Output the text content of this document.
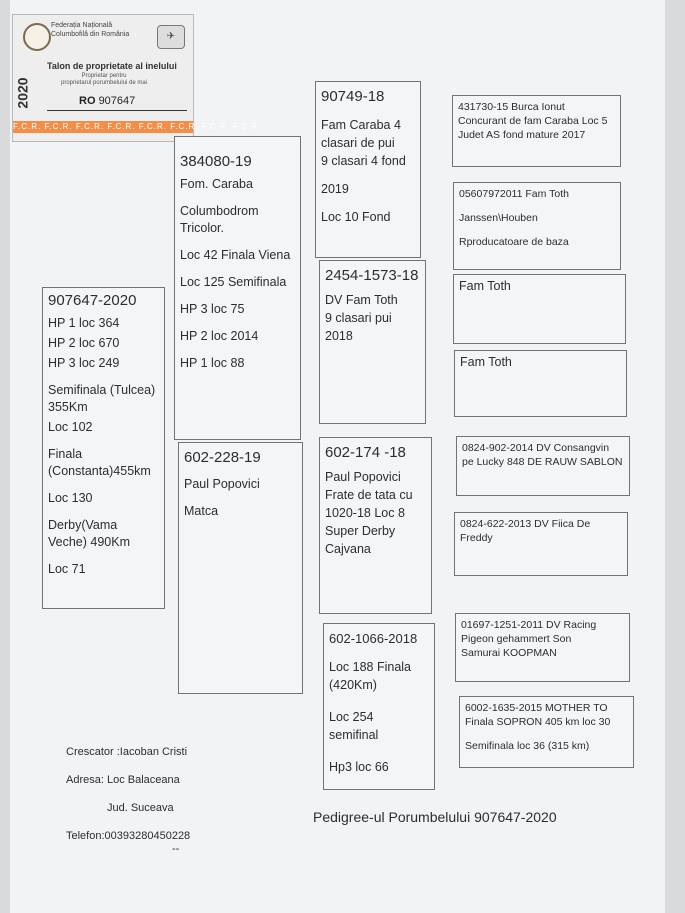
✈
Federația Națională
Columbofilă din România
2020
Talon de proprietate al inelului
Proprietar pentru
proprietarul porumbelului de mai
RO 907647
F.C.R. F.C.R. F.C.R. F.C.R. F.C.R. F.C.R. F.C.R. F.C.R.
907647-2020
HP 1 loc 364
HP 2 loc 670
HP 3 loc 249
Semifinala (Tulcea) 355Km
Loc 102
Finala (Constanta)455km
Loc 130
Derby(Vama Veche) 490Km
Loc 71
384080-19
Fom. Caraba
Columbodrom Tricolor.
Loc 42 Finala Viena
Loc 125 Semifinala
HP 3 loc 75
HP 2 loc 2014
HP 1 loc 88
602-228-19
Paul Popovici
Matca
90749-18
Fam Caraba 4 clasari de pui
9 clasari 4 fond
2019
Loc 10 Fond
2454-1573-18
DV Fam Toth
9 clasari pui
2018
602-174 -18
Paul Popovici
Frate de tata cu
1020-18 Loc 8
Super Derby
Cajvana
602-1066-2018
Loc 188 Finala
(420Km)
Loc 254
semifinal
Hp3 loc 66
431730-15 Burca Ionut
Concurant de fam Caraba Loc 5
Judet AS fond mature 2017
05607972011 Fam Toth
Janssen\Houben
Rproducatoare de baza
Fam Toth
Fam Toth
0824-902-2014 DV Consangvin
pe Lucky 848 DE RAUW SABLON
0824-622-2013 DV Fiica De
Freddy
01697-1251-2011 DV Racing
Pigeon gehammert Son
Samurai KOOPMAN
6002-1635-2015 MOTHER TO
Finala SOPRON 405 km loc 30
Semifinala loc 36 (315 km)
Crescator :Iacoban Cristi
Adresa: Loc Balaceana
Jud. Suceava
Telefon:00393280450228
--
Pedigree-ul Porumbelului 907647-2020
